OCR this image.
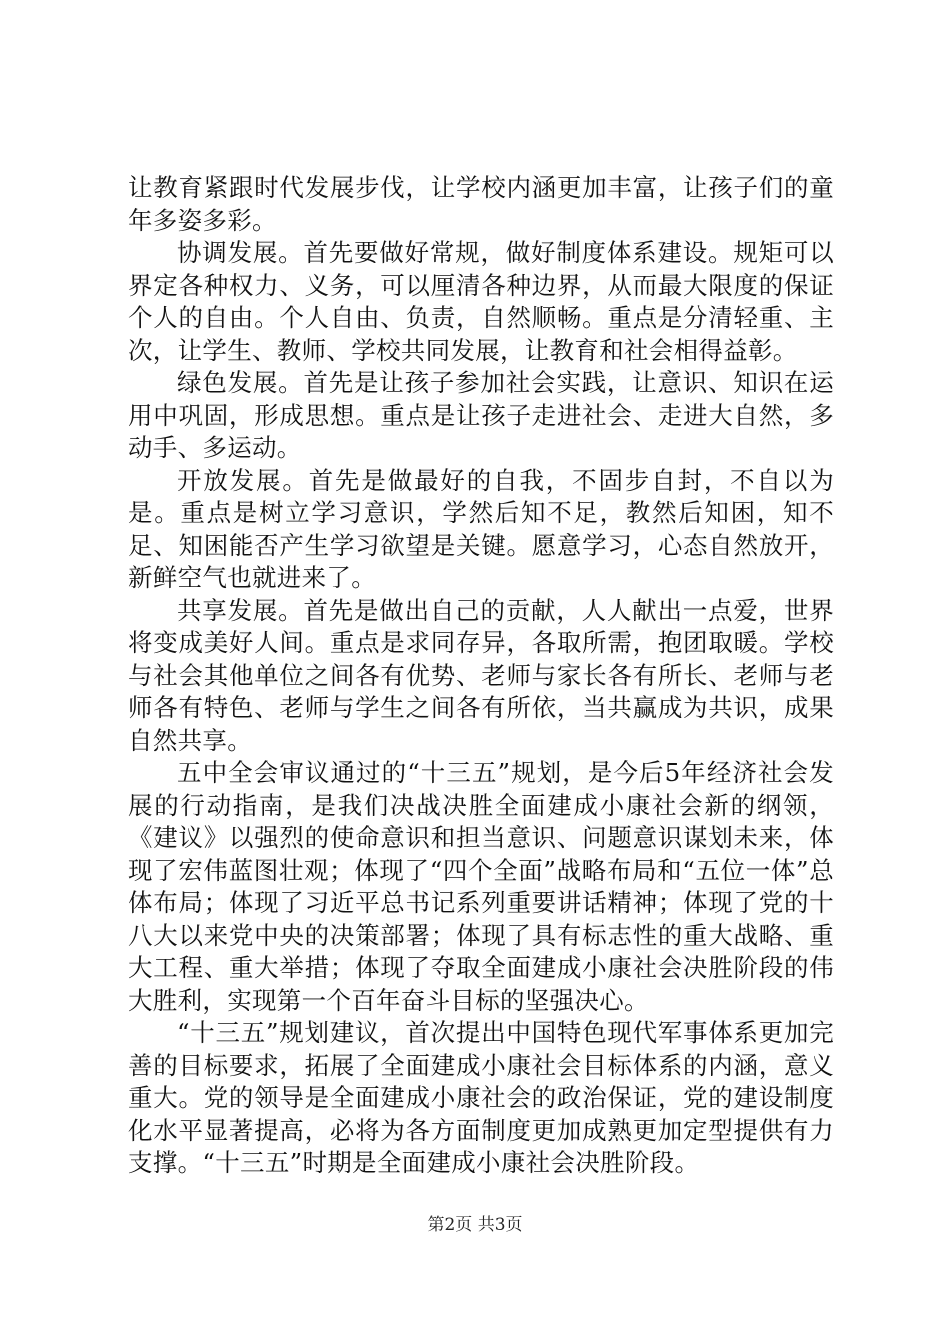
让教育紧跟时代发展步伐，让学校内涵更加丰富，让孩子们的童年多姿多彩。

协调发展。首先要做好常规，做好制度体系建设。规矩可以界定各种权力、义务，可以厘清各种边界，从而最大限度的保证个人的自由。个人自由、负责，自然顺畅。重点是分清轻重、主次，让学生、教师、学校共同发展，让教育和社会相得益彰。

绿色发展。首先是让孩子参加社会实践，让意识、知识在运用中巩固，形成思想。重点是让孩子走进社会、走进大自然，多动手、多运动。

开放发展。首先是做最好的自我，不固步自封，不自以为是。重点是树立学习意识，学然后知不足，教然后知困，知不足、知困能否产生学习欲望是关键。愿意学习，心态自然放开，新鲜空气也就进来了。

共享发展。首先是做出自己的贡献，人人献出一点爱，世界将变成美好人间。重点是求同存异，各取所需，抱团取暖。学校与社会其他单位之间各有优势、老师与家长各有所长、老师与老师各有特色、老师与学生之间各有所依，当共赢成为共识，成果自然共享。

五中全会审议通过的“十三五”规划，是今后5年经济社会发展的行动指南，是我们决战决胜全面建成小康社会新的纲领，《建议》以强烈的使命意识和担当意识、问题意识谋划未来，体现了宏伟蓝图壮观；体现了“四个全面”战略布局和“五位一体”总体布局；体现了习近平总书记系列重要讲话精神；体现了党的十八大以来党中央的决策部署；体现了具有标志性的重大战略、重大工程、重大举措；体现了夺取全面建成小康社会决胜阶段的伟大胜利，实现第一个百年奋斗目标的坚强决心。

“十三五”规划建议，首次提出中国特色现代军事体系更加完善的目标要求，拓展了全面建成小康社会目标体系的内涵，意义重大。党的领导是全面建成小康社会的政治保证，党的建设制度化水平显著提高，必将为各方面制度更加成熟更加定型提供有力支撑。“十三五”时期是全面建成小康社会决胜阶段。

第2页 共3页
